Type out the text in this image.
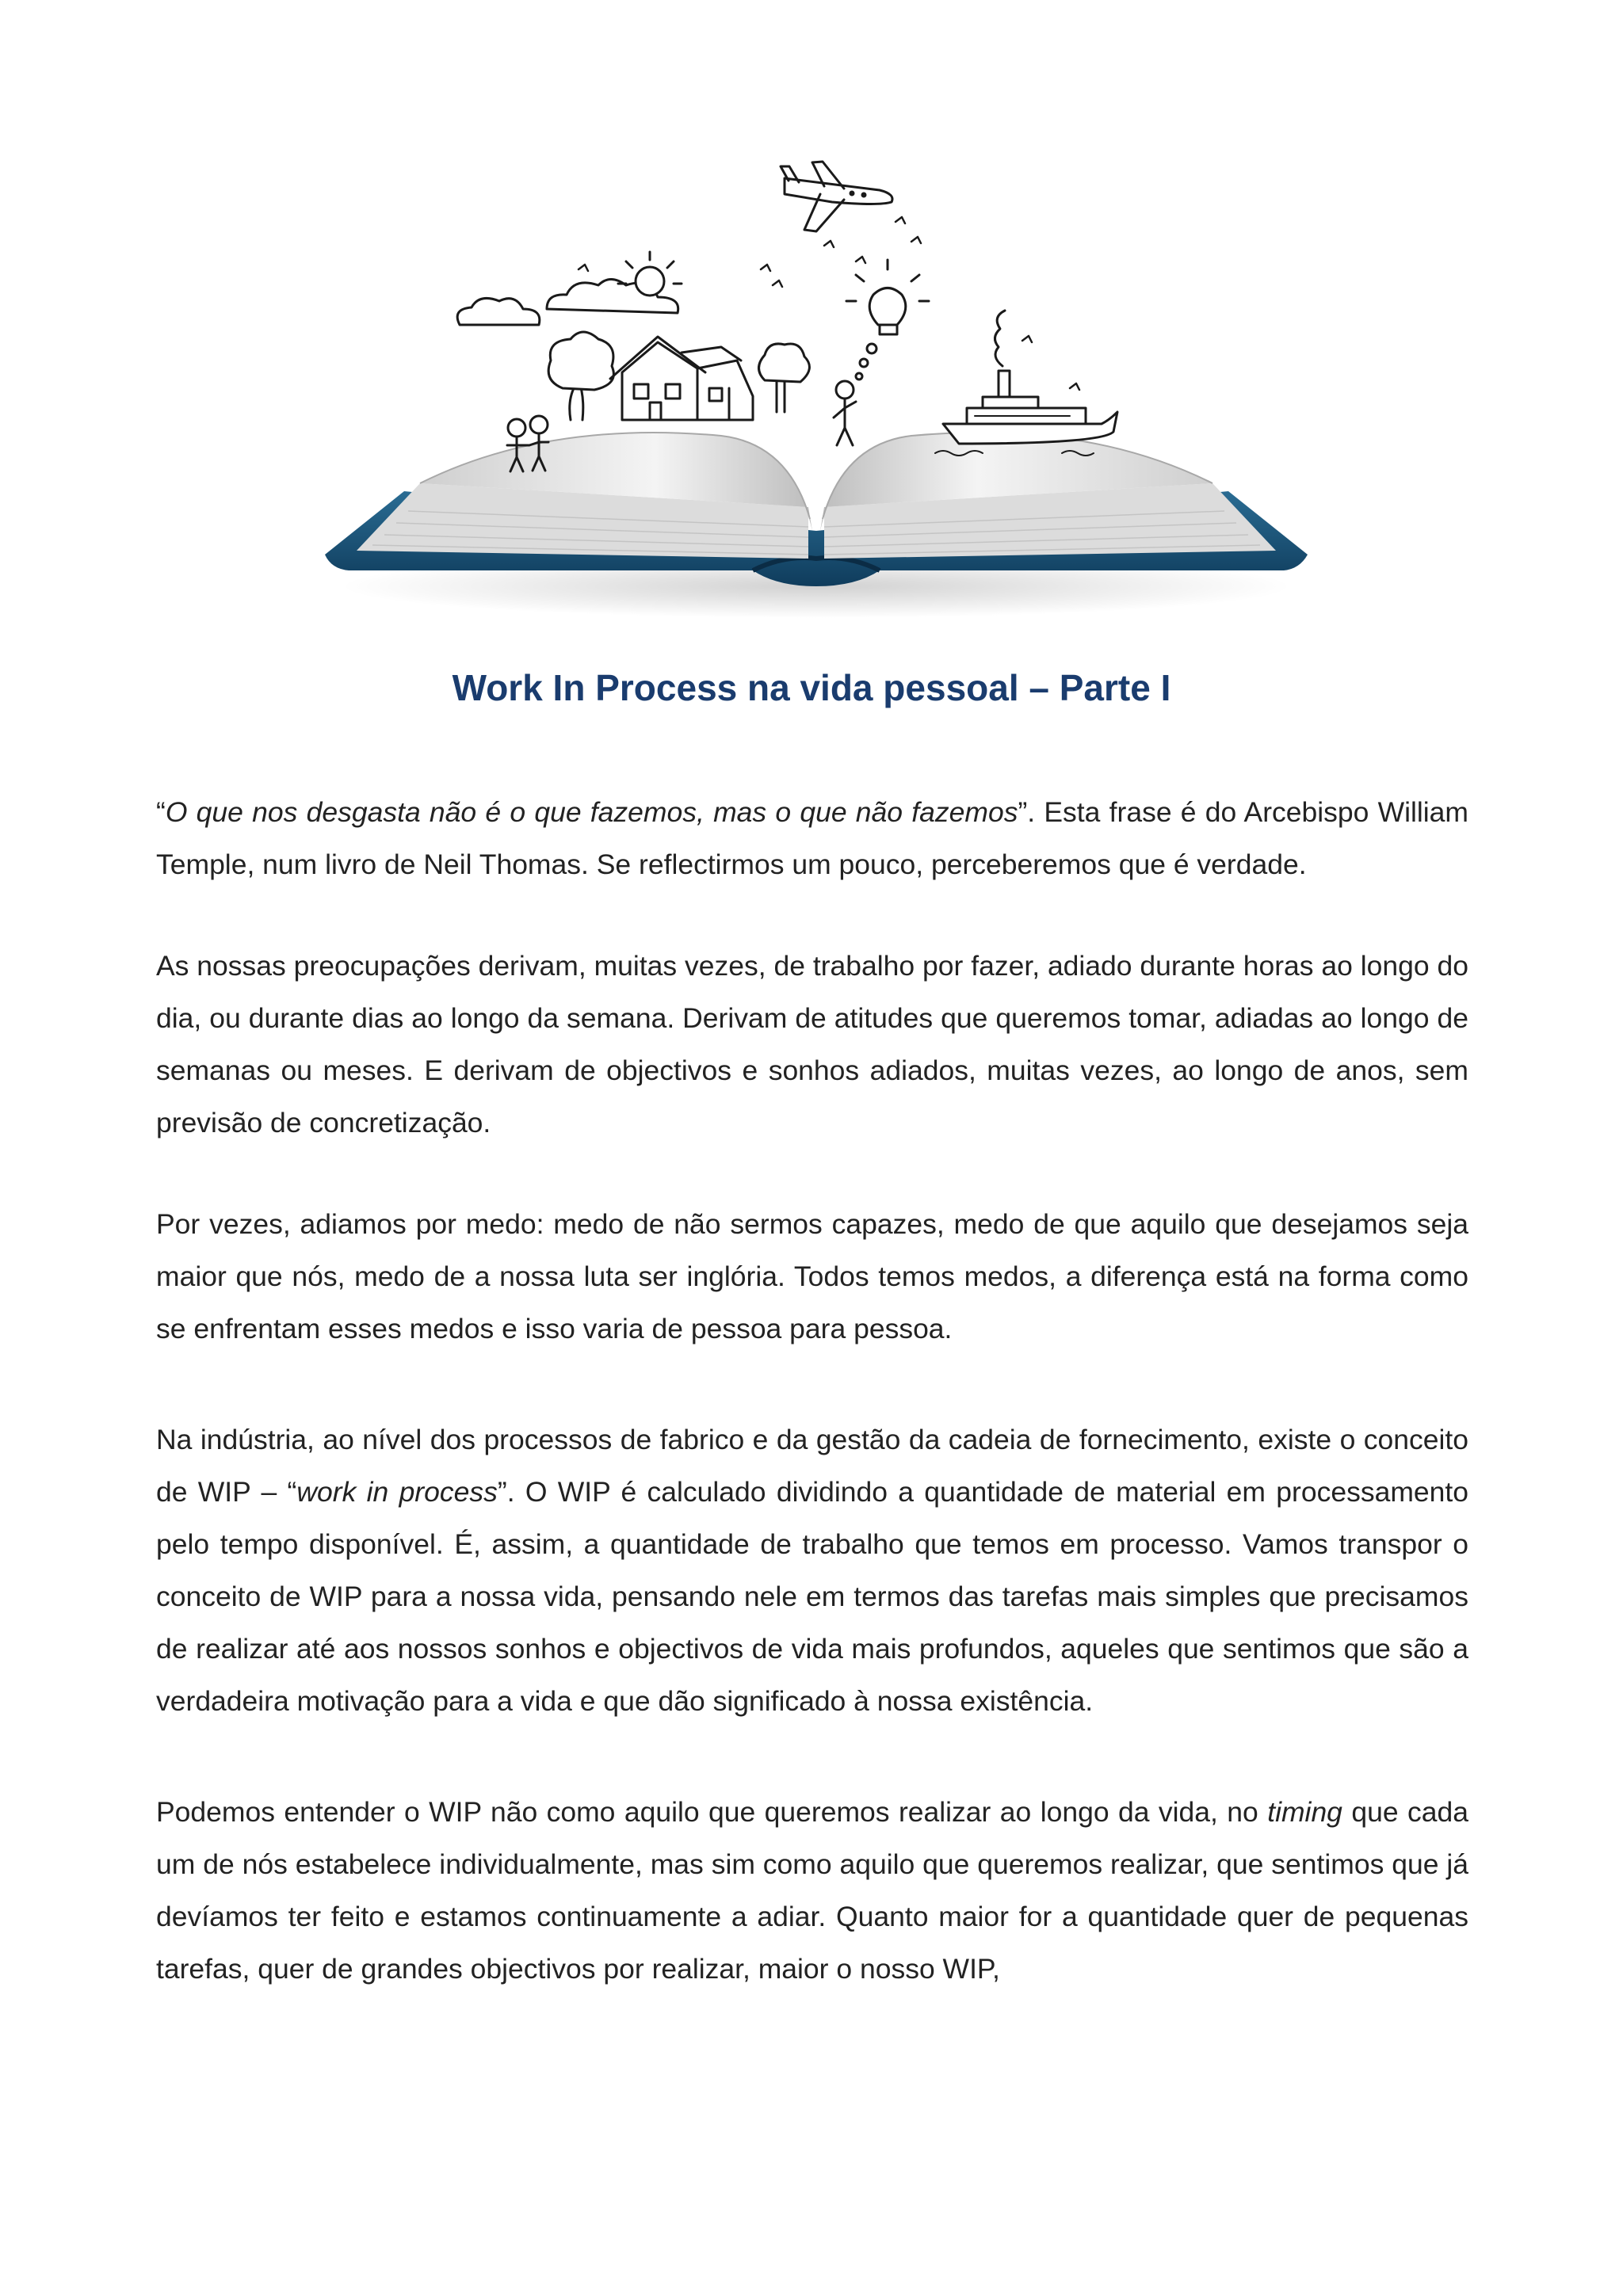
Work In Process na vida pessoal – Parte I

“O que nos desgasta não é o que fazemos, mas o que não fazemos”. Esta frase é do Arcebispo William Temple, num livro de Neil Thomas. Se reflectirmos um pouco, perceberemos que é verdade.

As nossas preocupações derivam, muitas vezes, de trabalho por fazer, adiado durante horas ao longo do dia, ou durante dias ao longo da semana. Derivam de atitudes que queremos tomar, adiadas ao longo de semanas ou meses. E derivam de objectivos e sonhos adiados, muitas vezes, ao longo de anos, sem previsão de concretização.

Por vezes, adiamos por medo: medo de não sermos capazes, medo de que aquilo que desejamos seja maior que nós, medo de a nossa luta ser inglória. Todos temos medos, a diferença está na forma como se enfrentam esses medos e isso varia de pessoa para pessoa.

Na indústria, ao nível dos processos de fabrico e da gestão da cadeia de fornecimento, existe o conceito de WIP – “work in process”. O WIP é calculado dividindo a quantidade de material em processamento pelo tempo disponível. É, assim, a quantidade de trabalho que temos em processo. Vamos transpor o conceito de WIP para a nossa vida, pensando nele em termos das tarefas mais simples que precisamos de realizar até aos nossos sonhos e objectivos de vida mais profundos, aqueles que sentimos que são a verdadeira motivação para a vida e que dão significado à nossa existência.

Podemos entender o WIP não como aquilo que queremos realizar ao longo da vida, no timing que cada um de nós estabelece individualmente, mas sim como aquilo que queremos realizar, que sentimos que já devíamos ter feito e estamos continuamente a adiar. Quanto maior for a quantidade quer de pequenas tarefas, quer de grandes objectivos por realizar, maior o nosso WIP,
